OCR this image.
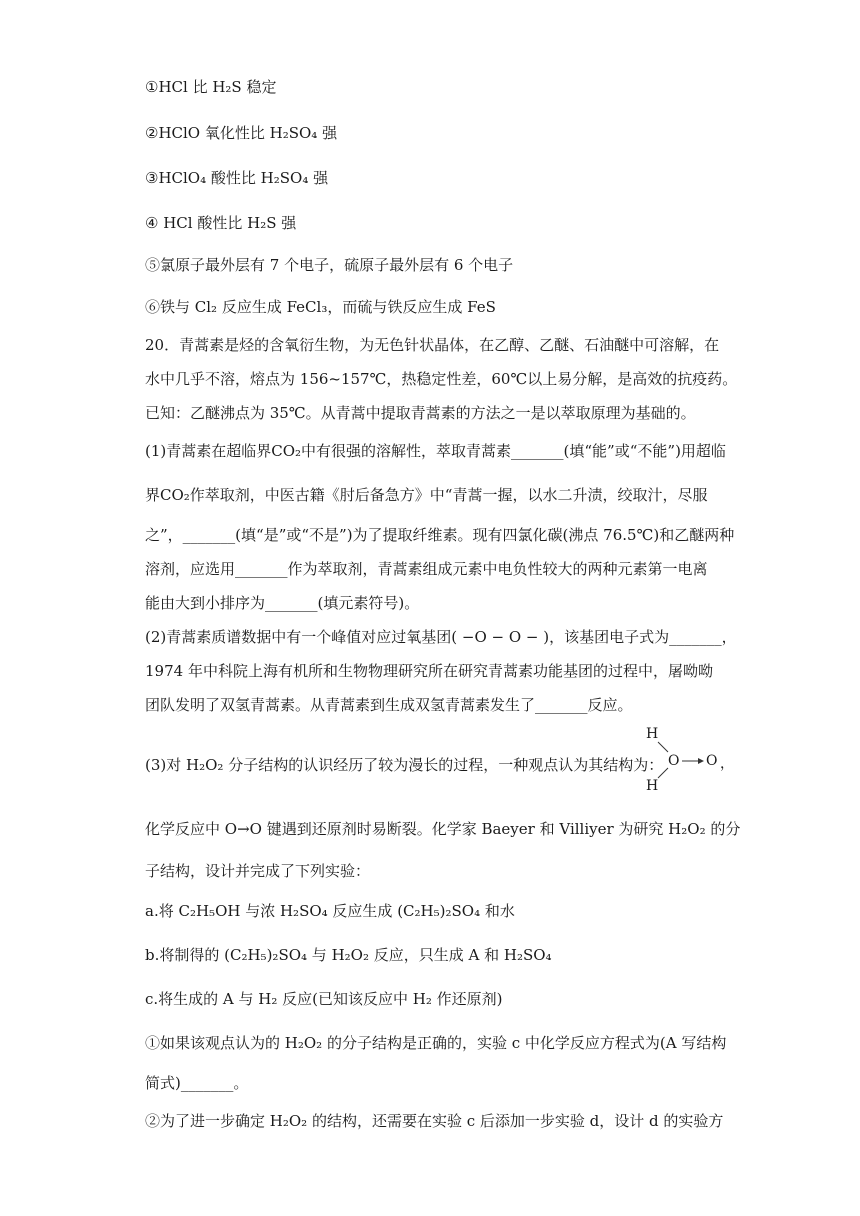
①HCl 比 H₂S 稳定
②HClO 氧化性比 H₂SO₄ 强
③HClO₄ 酸性比 H₂SO₄ 强
④ HCl 酸性比 H₂S 强
⑤氯原子最外层有 7 个电子，硫原子最外层有 6 个电子
⑥铁与 Cl₂ 反应生成 FeCl₃，而硫与铁反应生成 FeS
20．青蒿素是烃的含氧衍生物，为无色针状晶体，在乙醇、乙醚、石油醚中可溶解，在
水中几乎不溶，熔点为 156~157℃，热稳定性差，60℃以上易分解，是高效的抗疫药。
已知：乙醚沸点为 35℃。从青蒿中提取青蒿素的方法之一是以萃取原理为基础的。
(1)青蒿素在超临界CO₂中有很强的溶解性，萃取青蒿素_______(填“能”或“不能”)用超临
界CO₂作萃取剂，中医古籍《肘后备急方》中“青蒿一握，以水二升渍，绞取汁，尽服
之”，_______(填“是”或“不是”)为了提取纤维素。现有四氯化碳(沸点 76.5℃)和乙醚两种
溶剂，应选用_______作为萃取剂，青蒿素组成元素中电负性较大的两种元素第一电离
能由大到小排序为_______(填元素符号)。
(2)青蒿素质谱数据中有一个峰值对应过氧基团( −O − O − )，该基团电子式为_______，
1974 年中科院上海有机所和生物物理研究所在研究青蒿素功能基团的过程中，屠呦呦
团队发明了双氢青蒿素。从青蒿素到生成双氢青蒿素发生了_______反应。
(3)对 H₂O₂ 分子结构的认识经历了较为漫长的过程，一种观点认为其结构为：
H
O O ，
H
化学反应中 O→O 键遇到还原剂时易断裂。化学家 Baeyer 和 Villiyer 为研究 H₂O₂ 的分
子结构，设计并完成了下列实验：
a.将 C₂H₅OH 与浓 H₂SO₄ 反应生成 (C₂H₅)₂SO₄ 和水
b.将制得的 (C₂H₅)₂SO₄ 与 H₂O₂ 反应，只生成 A 和 H₂SO₄
c.将生成的 A 与 H₂ 反应(已知该反应中 H₂ 作还原剂)
①如果该观点认为的 H₂O₂ 的分子结构是正确的，实验 c 中化学反应方程式为(A 写结构
简式)_______。
②为了进一步确定 H₂O₂ 的结构，还需要在实验 c 后添加一步实验 d，设计 d 的实验方
